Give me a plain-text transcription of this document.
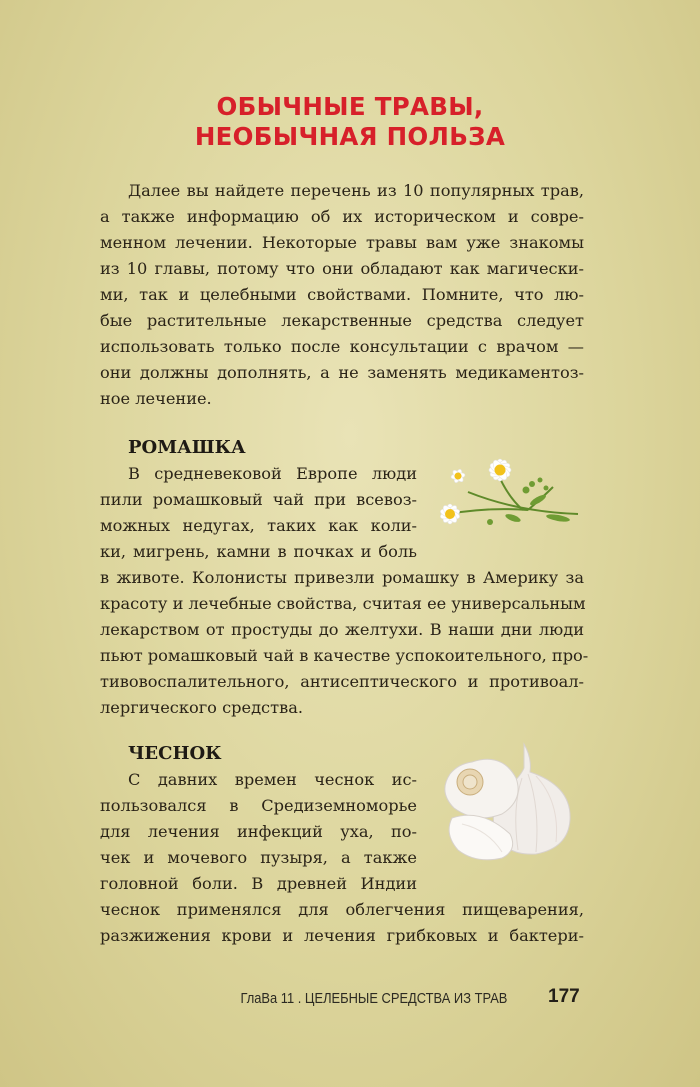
ОБЫЧНЫЕ ТРАВЫ,
НЕОБЫЧНАЯ ПОЛЬЗА
Далее вы найдете перечень из 10 популярных трав,
а также информацию об их историческом и совре-
менном лечении. Некоторые травы вам уже знакомы
из 10 главы, потому что они обладают как магически-
ми, так и целебными свойствами. Помните, что лю-
бые растительные лекарственные средства следует
использовать только после консультации с врачом —
они должны дополнять, а не заменять медикаментоз-
ное лечение.
РОМАШКА
В средневековой Европе люди
пили ромашковый чай при всевоз-
можных недугах, таких как коли-
ки, мигрень, камни в почках и боль
в животе. Колонисты привезли ромашку в Америку за
красоту и лечебные свойства, считая ее универсальным
лекарством от простуды до желтухи. В наши дни люди
пьют ромашковый чай в качестве успокоительного, про-
тивовоспалительного, антисептического и противоал-
лергического средства.
ЧЕСНОК
С давних времен чеснок ис-
пользовался в Средиземноморье
для лечения инфекций уха, по-
чек и мочевого пузыря, а также
головной боли. В древней Индии
чеснок применялся для облегчения пищеварения,
разжижения крови и лечения грибковых и бактери-
ГлаВа 11 . ЦЕЛЕБНЫЕ СРЕДСТВА ИЗ ТРАВ 177
